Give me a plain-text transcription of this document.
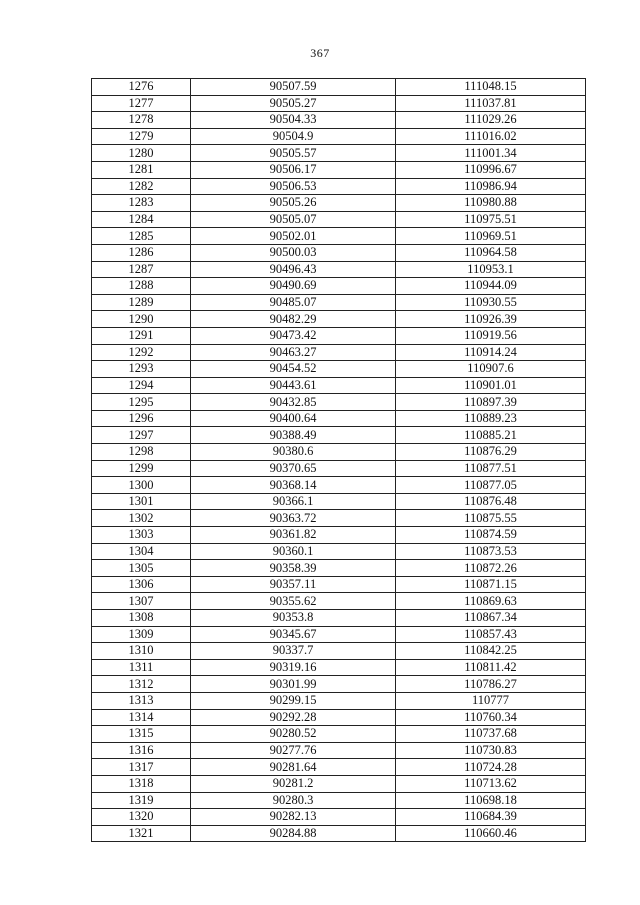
367
1276	90507.59	111048.15
1277	90505.27	111037.81
1278	90504.33	111029.26
1279	90504.9	111016.02
1280	90505.57	111001.34
1281	90506.17	110996.67
1282	90506.53	110986.94
1283	90505.26	110980.88
1284	90505.07	110975.51
1285	90502.01	110969.51
1286	90500.03	110964.58
1287	90496.43	110953.1
1288	90490.69	110944.09
1289	90485.07	110930.55
1290	90482.29	110926.39
1291	90473.42	110919.56
1292	90463.27	110914.24
1293	90454.52	110907.6
1294	90443.61	110901.01
1295	90432.85	110897.39
1296	90400.64	110889.23
1297	90388.49	110885.21
1298	90380.6	110876.29
1299	90370.65	110877.51
1300	90368.14	110877.05
1301	90366.1	110876.48
1302	90363.72	110875.55
1303	90361.82	110874.59
1304	90360.1	110873.53
1305	90358.39	110872.26
1306	90357.11	110871.15
1307	90355.62	110869.63
1308	90353.8	110867.34
1309	90345.67	110857.43
1310	90337.7	110842.25
1311	90319.16	110811.42
1312	90301.99	110786.27
1313	90299.15	110777
1314	90292.28	110760.34
1315	90280.52	110737.68
1316	90277.76	110730.83
1317	90281.64	110724.28
1318	90281.2	110713.62
1319	90280.3	110698.18
1320	90282.13	110684.39
1321	90284.88	110660.46
